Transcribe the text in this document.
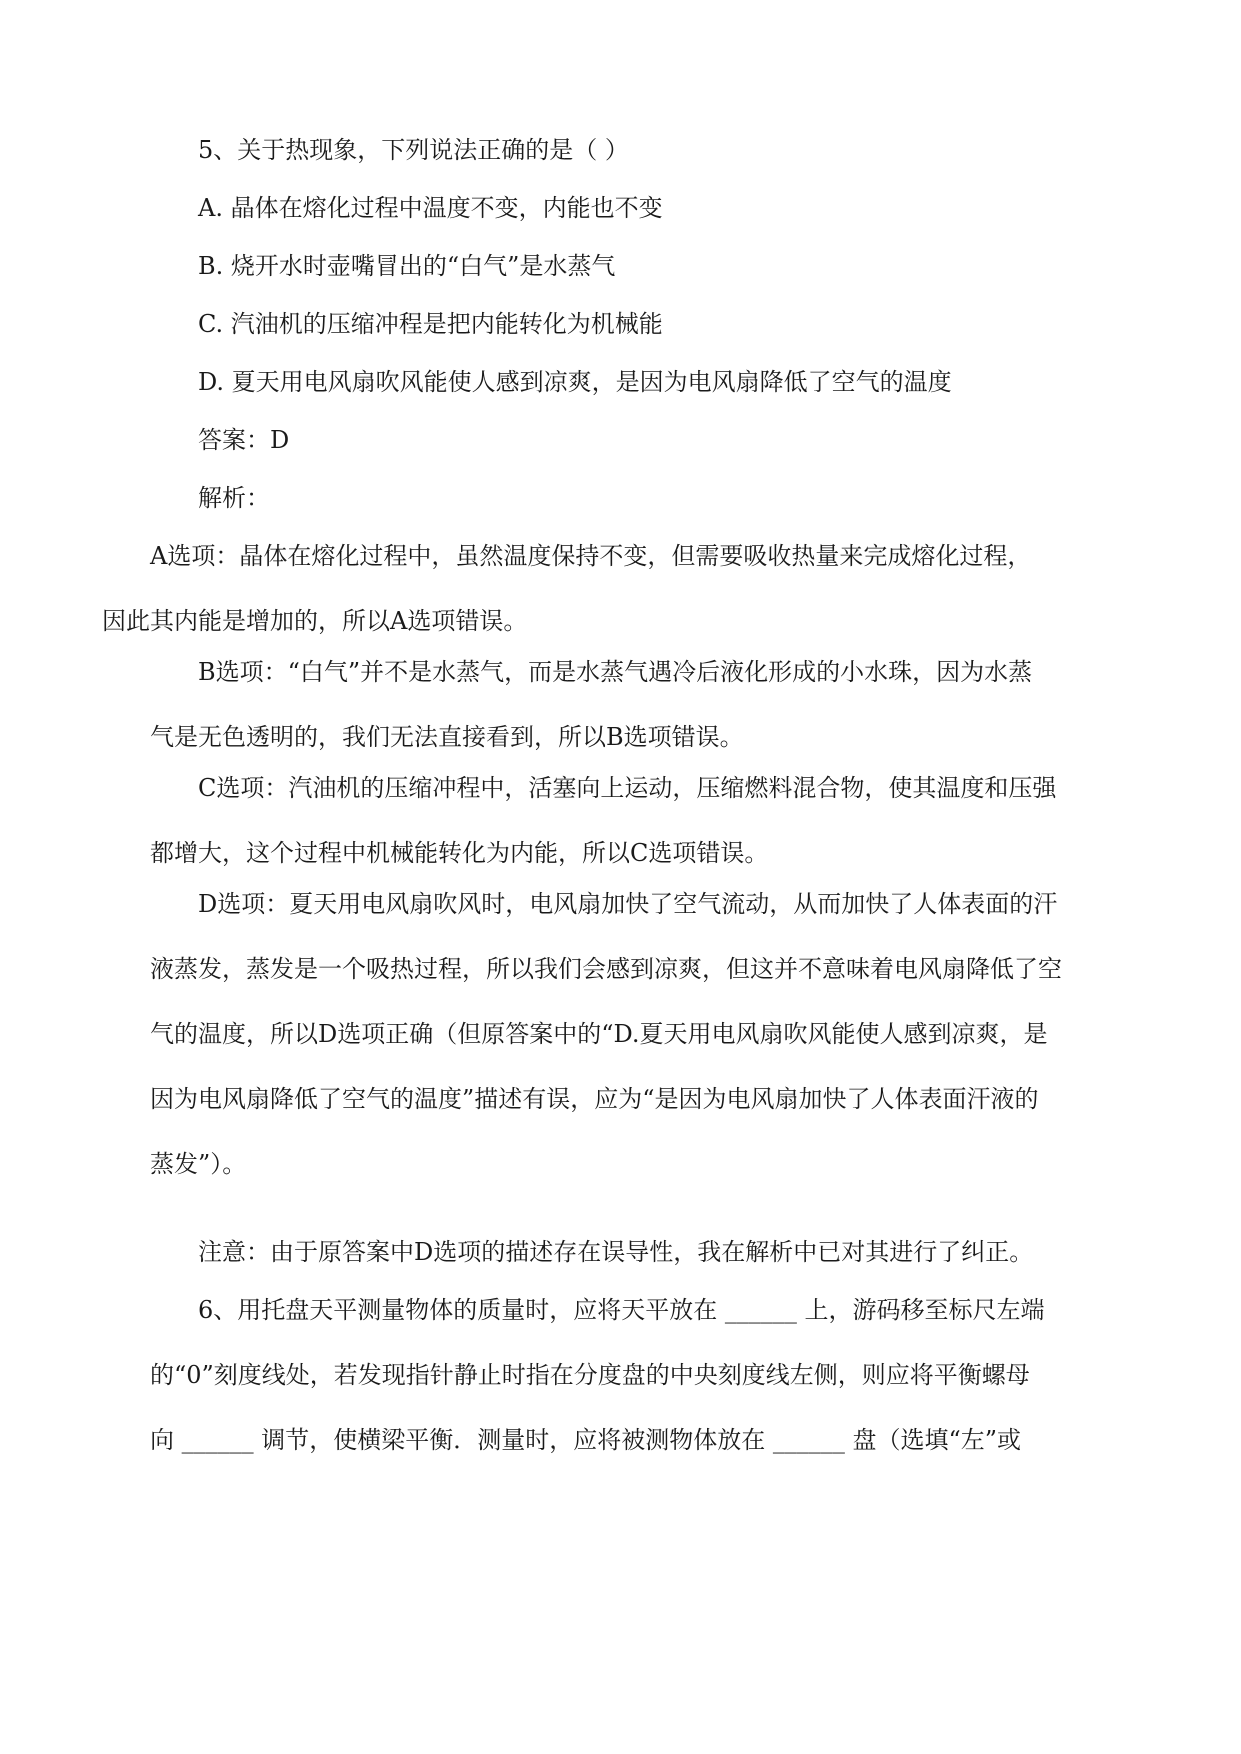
5、关于热现象，下列说法正确的是（ ）

A. 晶体在熔化过程中温度不变，内能也不变

B. 烧开水时壶嘴冒出的“白气”是水蒸气

C. 汽油机的压缩冲程是把内能转化为机械能

D. 夏天用电风扇吹风能使人感到凉爽，是因为电风扇降低了空气的温度

答案：D

解析：

A选项：晶体在熔化过程中，虽然温度保持不变，但需要吸收热量来完成熔化过程，
因此其内能是增加的，所以A选项错误。
B选项：“白气”并不是水蒸气，而是水蒸气遇冷后液化形成的小水珠，因为水蒸
气是无色透明的，我们无法直接看到，所以B选项错误。
C选项：汽油机的压缩冲程中，活塞向上运动，压缩燃料混合物，使其温度和压强
都增大，这个过程中机械能转化为内能，所以C选项错误。
D选项：夏天用电风扇吹风时，电风扇加快了空气流动，从而加快了人体表面的汗
液蒸发，蒸发是一个吸热过程，所以我们会感到凉爽，但这并不意味着电风扇降低了空
气的温度，所以D选项正确（但原答案中的“D.夏天用电风扇吹风能使人感到凉爽，是
因为电风扇降低了空气的温度”描述有误，应为“是因为电风扇加快了人体表面汗液的
蒸发”）。

注意：由于原答案中D选项的描述存在误导性，我在解析中已对其进行了纠正。

6、用托盘天平测量物体的质量时，应将天平放在 ______ 上，游码移至标尺左端
的“0”刻度线处，若发现指针静止时指在分度盘的中央刻度线左侧，则应将平衡螺母
向 ______ 调节，使横梁平衡．测量时，应将被测物体放在 ______ 盘（选填“左”或
